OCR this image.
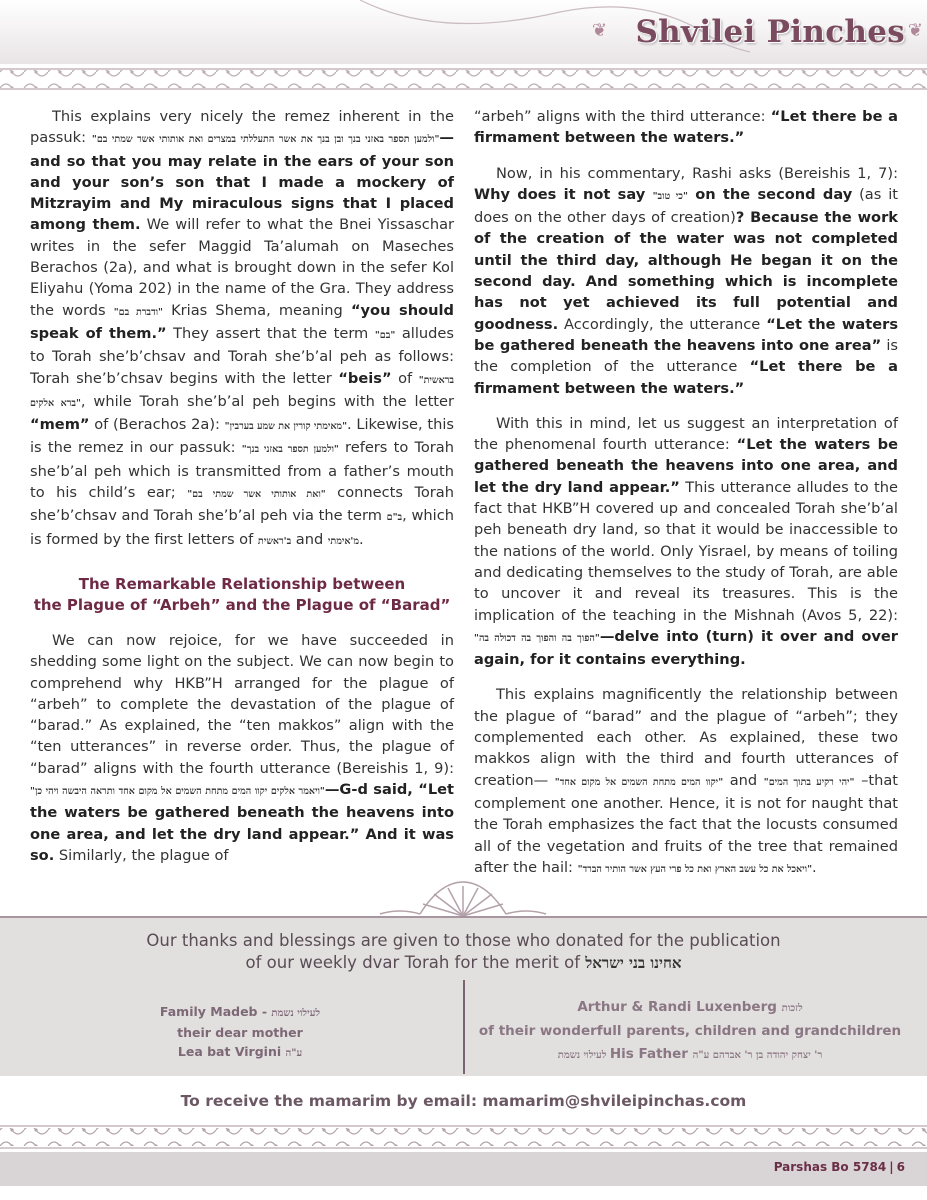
❦	❦
Shvilei Pinches

This explains very nicely the remez inherent in the passuk: "ולמען תספר באזני בנך ובן בנך את אשר התעללתי במצרים ואת אותותי אשר שמתי בם"—and so that you may relate in the ears of your son and your son’s son that I made a mockery of Mitzrayim and My miraculous signs that I placed among them. We will refer to what the Bnei Yissaschar writes in the sefer Maggid Ta’alumah on Maseches Berachos (2a), and what is brought down in the sefer Kol Eliyahu (Yoma 202) in the name of the Gra. They address the words "ודברת בם" Krias Shema, meaning “you should speak of them.” They assert that the term "בם" alludes to Torah she’b’chsav and Torah she’b’al peh as follows: Torah she’b’chsav begins with the letter “beis” of "בראשית ברא אלקים", while Torah she’b’al peh begins with the letter “mem” of (Berachos 2a): "מאימתי קורין את שמע בערבין". Likewise, this is the remez in our passuk: "ולמען תספר באזני בנך" refers to Torah she’b’al peh which is transmitted from a father’s mouth to his child’s ear; "ואת אותותי אשר שמתי בם" connects Torah she’b’chsav and Torah she’b’al peh via the term ב"ם, which is formed by the first letters of ב'ראשית and מ'אימתי.

The Remarkable Relationship between
the Plague of “Arbeh” and the Plague of “Barad”

We can now rejoice, for we have succeeded in shedding some light on the subject. We can now begin to comprehend why HKB”H arranged for the plague of “arbeh” to complete the devastation of the plague of “barad.” As explained, the “ten makkos” align with the “ten utterances” in reverse order. Thus, the plague of “barad” aligns with the fourth utterance (Bereishis 1, 9): "ויאמר אלקים יקוו המים מתחת השמים אל מקום אחד ותראה היבשה ויהי כן"—G-d said, “Let the waters be gathered beneath the heavens into one area, and let the dry land appear.” And it was so. Similarly, the plague of

“arbeh” aligns with the third utterance: “Let there be a firmament between the waters.”

Now, in his commentary, Rashi asks (Bereishis 1, 7): Why does it not say "כי טוב" on the second day (as it does on the other days of creation)? Because the work of the creation of the water was not completed until the third day, although He began it on the second day. And something which is incomplete has not yet achieved its full potential and goodness. Accordingly, the utterance “Let the waters be gathered beneath the heavens into one area” is the completion of the utterance “Let there be a firmament between the waters.”

With this in mind, let us suggest an interpretation of the phenomenal fourth utterance: “Let the waters be gathered beneath the heavens into one area, and let the dry land appear.” This utterance alludes to the fact that HKB”H covered up and concealed Torah she’b’al peh beneath dry land, so that it would be inaccessible to the nations of the world. Only Yisrael, by means of toiling and dedicating themselves to the study of Torah, are able to uncover it and reveal its treasures. This is the implication of the teaching in the Mishnah (Avos 5, 22): "הפוך בה והפוך בה דכולה בה"—delve into (turn) it over and over again, for it contains everything.

This explains magnificently the relationship between the plague of “barad” and the plague of “arbeh”; they complemented each other. As explained, these two makkos align with the third and fourth utterances of creation— "יקוו המים מתחת השמים אל מקום אחד" and "יהי רקיע בתוך המים" –that complement one another. Hence, it is not for naught that the Torah emphasizes the fact that the locusts consumed all of the vegetation and fruits of the tree that remained after the hail: "ויאכל את כל עשב הארץ ואת כל פרי העץ אשר הותיר הברד".

Our thanks and blessings are given to those who donated for the publication
of our weekly dvar Torah for the merit of אחינו בני ישראל
Family Madeb - לעילוי נשמת
their dear mother
Lea bat Virgini ע"ה
Arthur & Randi Luxenberg לזכות
of their wonderfull parents, children and grandchildren
לעילוי נשמת His Father ר' יצחק יהודה בן ר' אברהם ע"ה
To receive the mamarim by email: mamarim@shvileipinchas.com
Parshas Bo 5784 | 6
